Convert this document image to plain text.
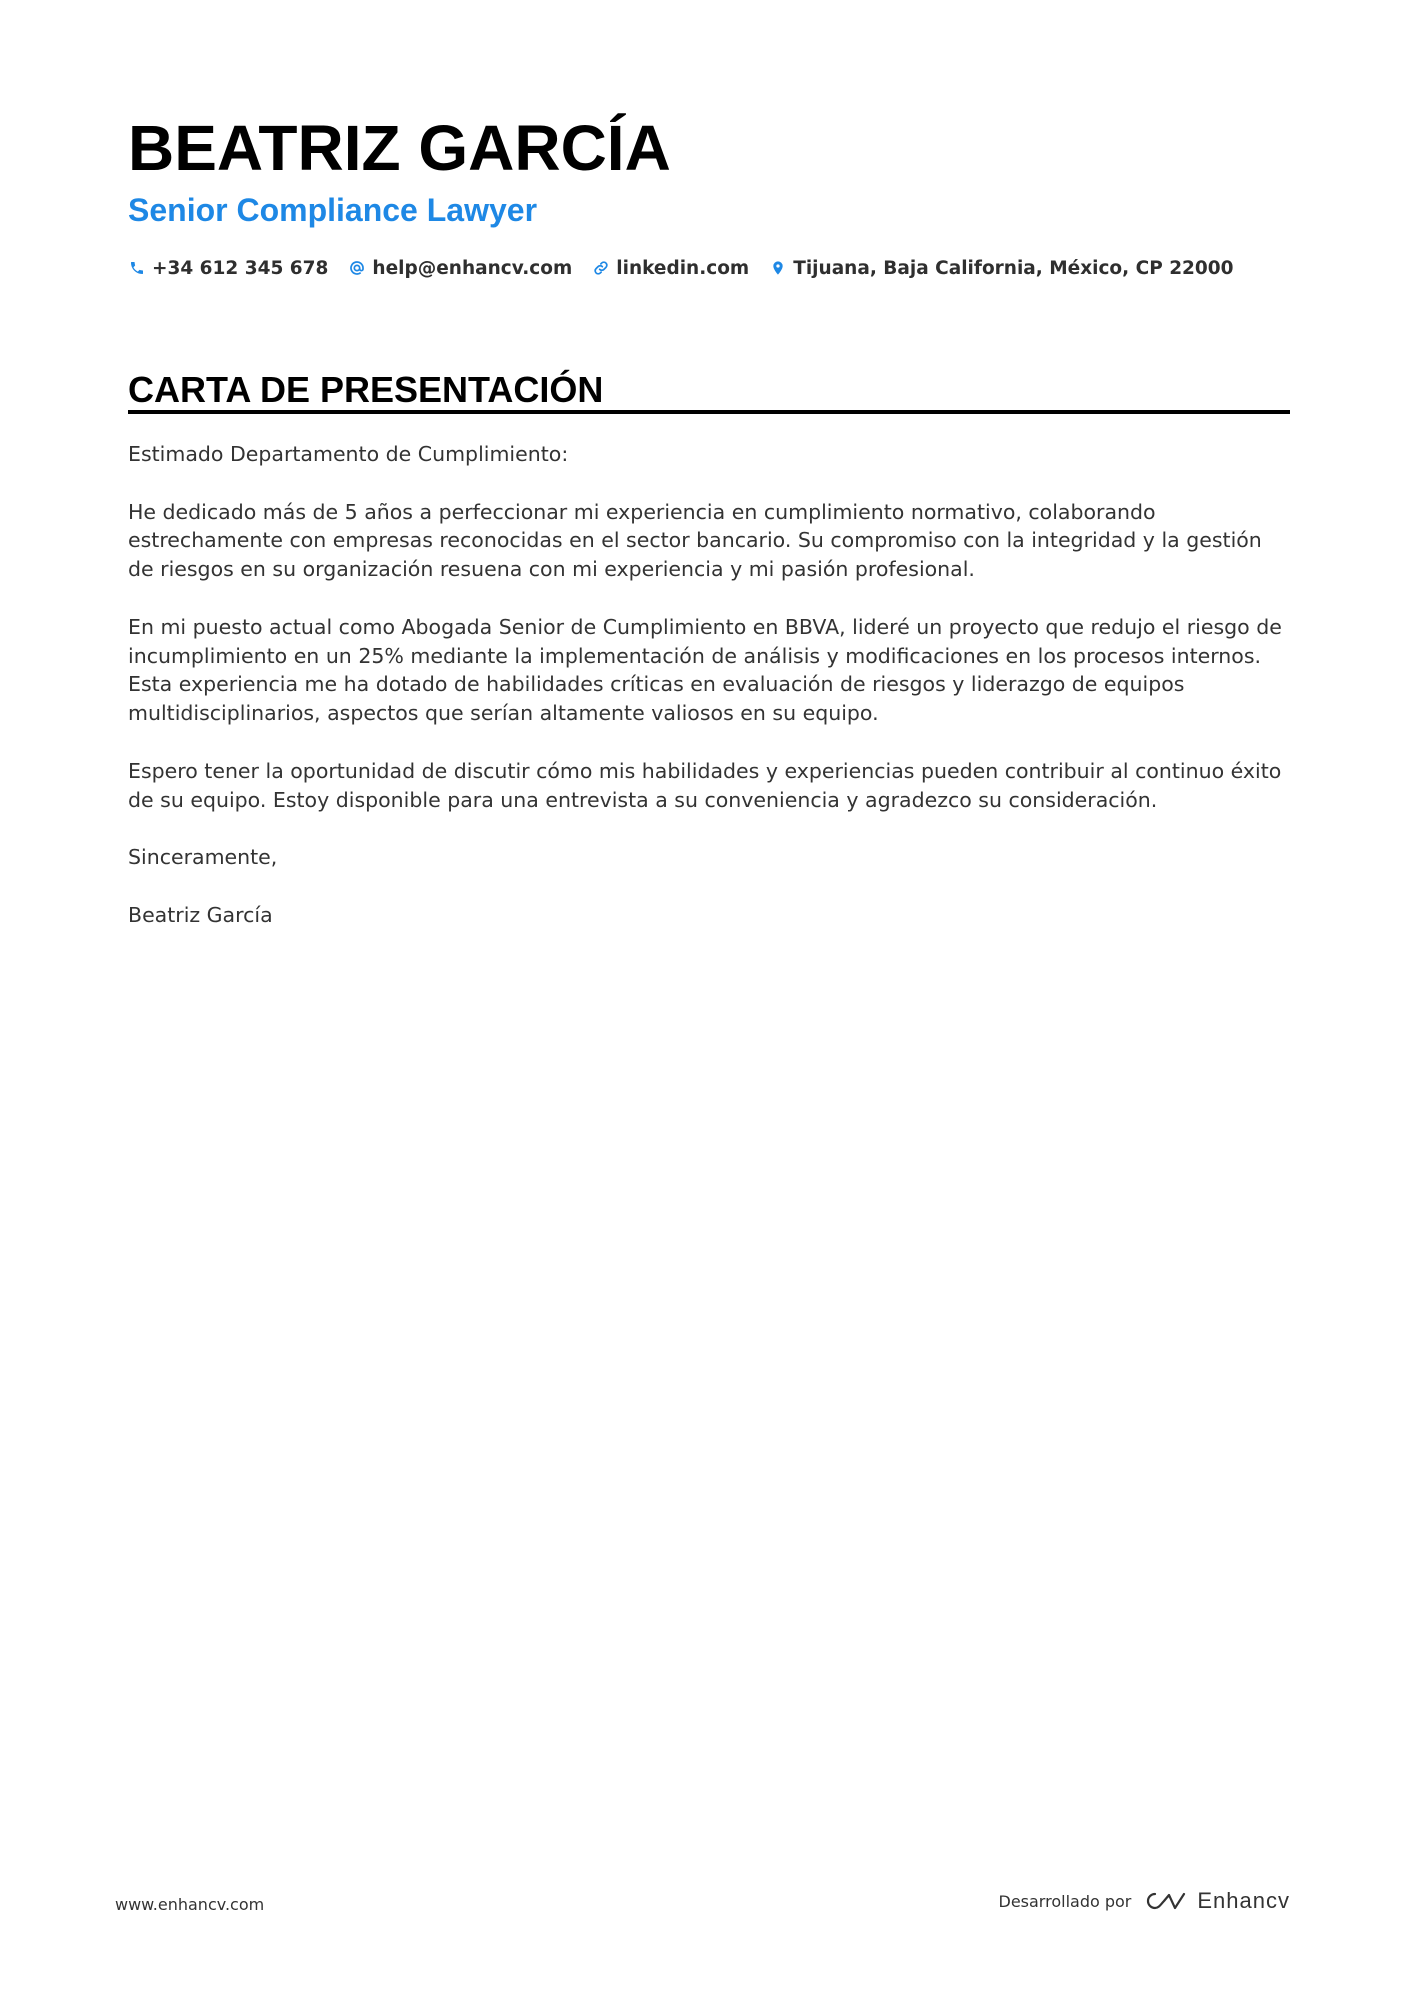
BEATRIZ GARCÍA
Senior Compliance Lawyer
+34 612 345 678 help@enhancv.com linkedin.com Tijuana, Baja California, México, CP 22000
CARTA DE PRESENTACIÓN

Estimado Departamento de Cumplimiento:

He dedicado más de 5 años a perfeccionar mi experiencia en cumplimiento normativo, colaborando estrechamente con empresas reconocidas en el sector bancario. Su compromiso con la integridad y la gestión de riesgos en su organización resuena con mi experiencia y mi pasión profesional.

En mi puesto actual como Abogada Senior de Cumplimiento en BBVA, lideré un proyecto que redujo el riesgo de incumplimiento en un 25% mediante la implementación de análisis y modificaciones en los procesos internos. Esta experiencia me ha dotado de habilidades críticas en evaluación de riesgos y liderazgo de equipos multidisciplinarios, aspectos que serían altamente valiosos en su equipo.

Espero tener la oportunidad de discutir cómo mis habilidades y experiencias pueden contribuir al continuo éxito de su equipo. Estoy disponible para una entrevista a su conveniencia y agradezco su consideración.

Sinceramente,

Beatriz García

www.enhancv.com	Desarrollado por	Enhancv
